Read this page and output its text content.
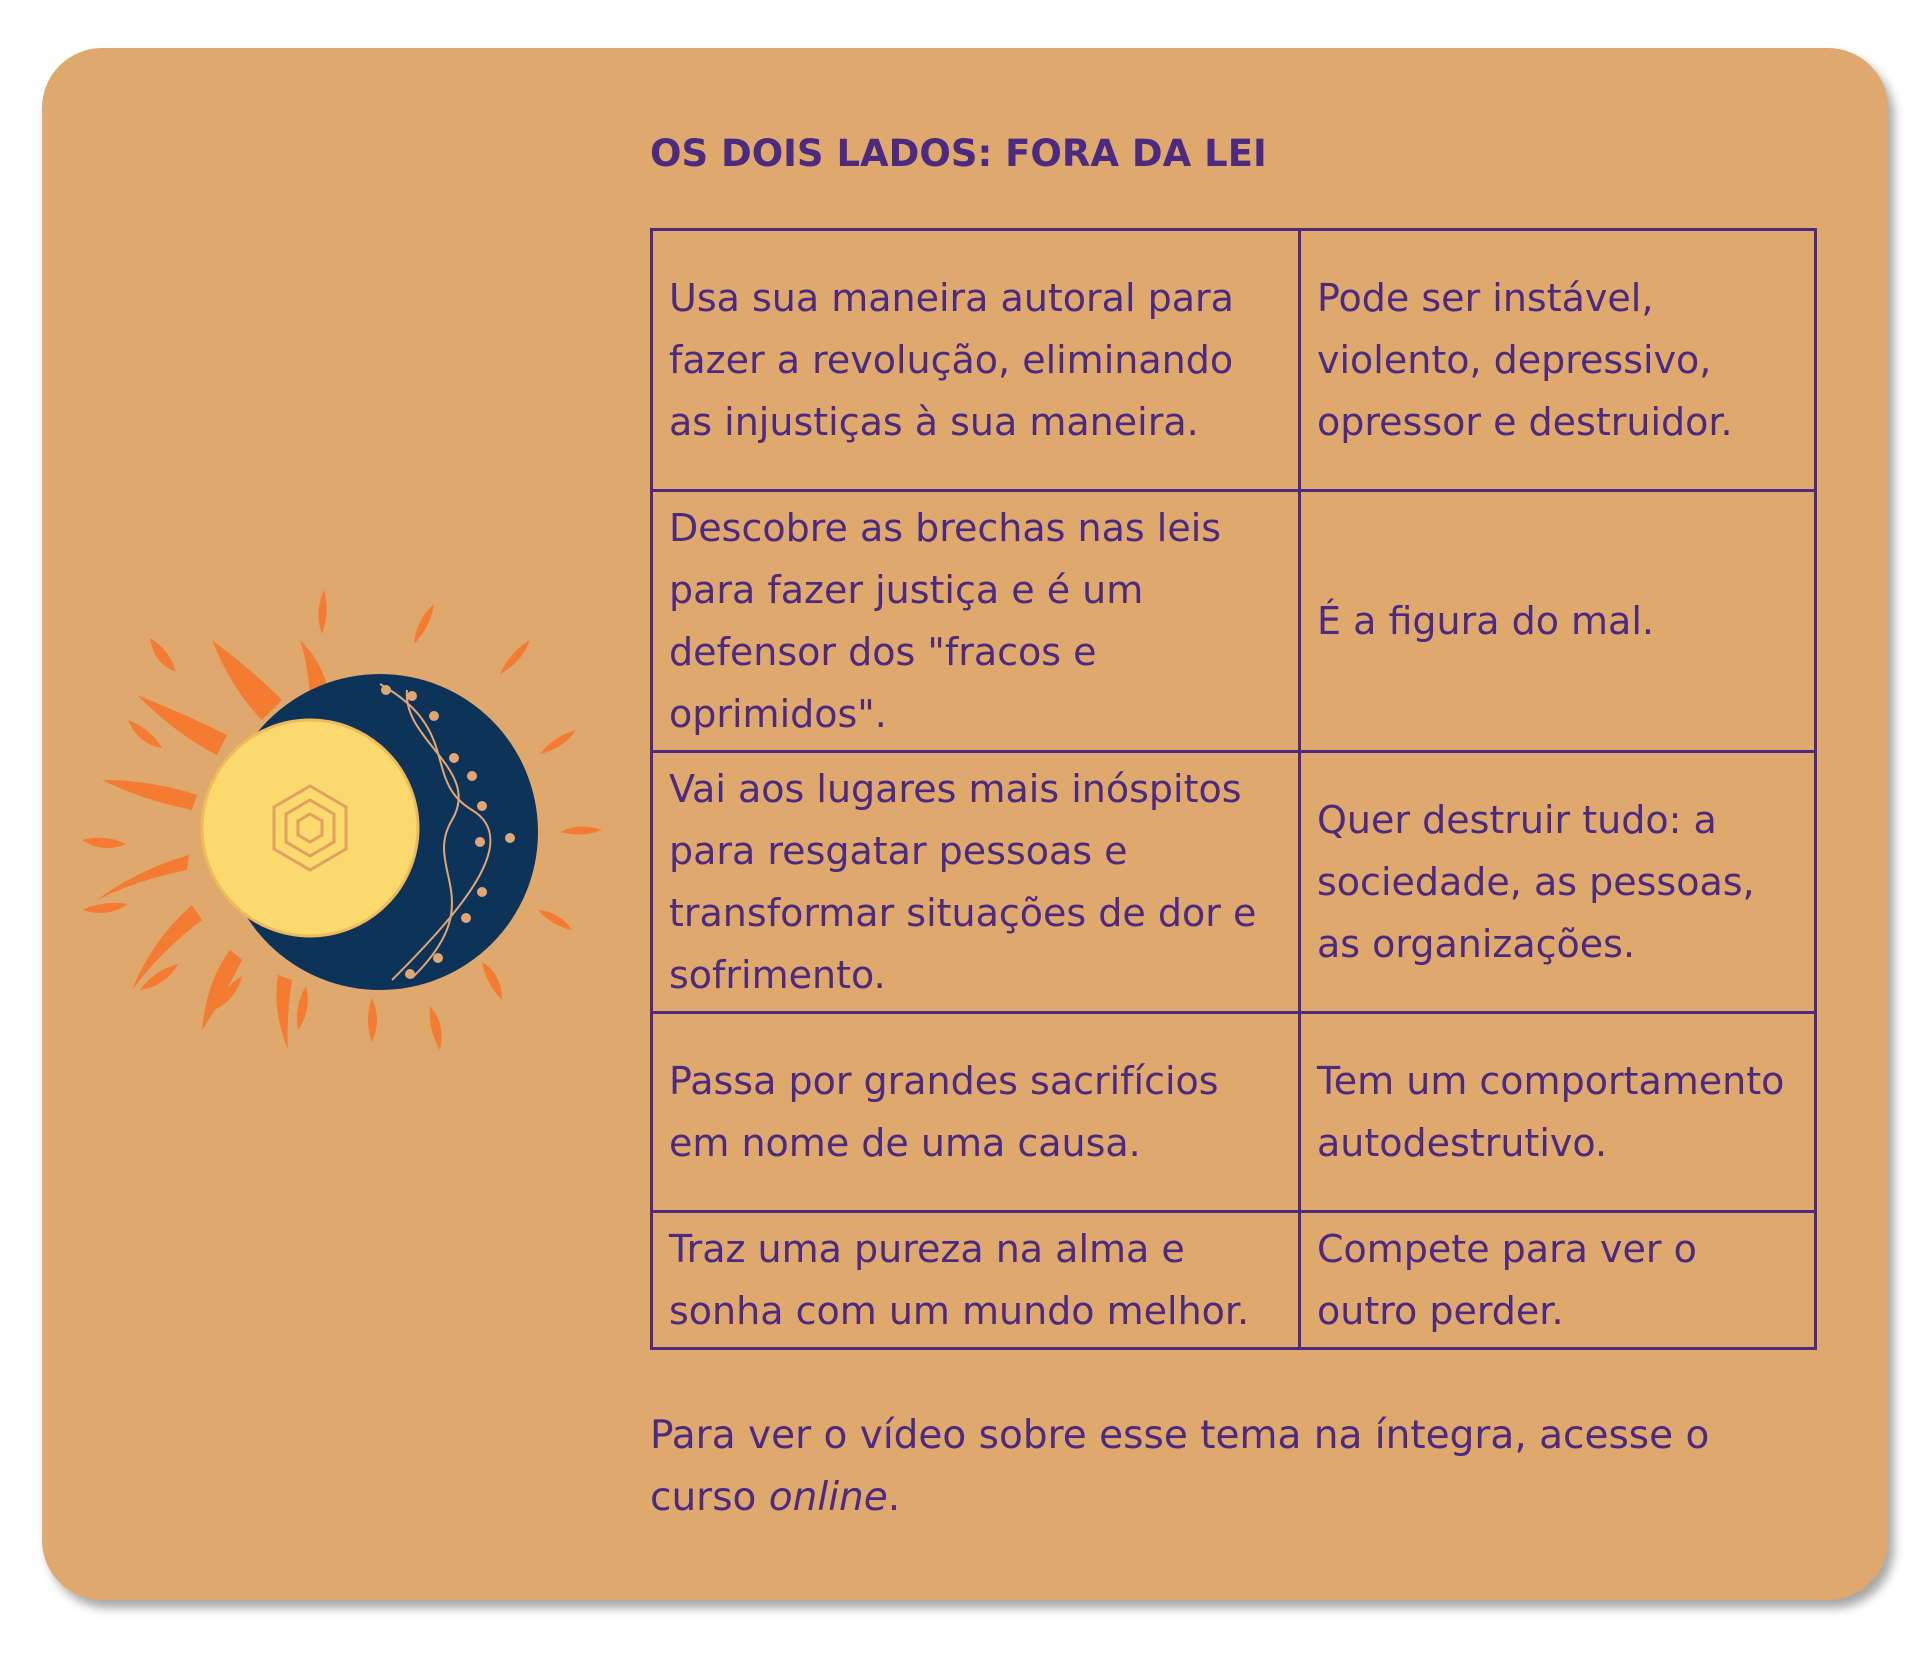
OS DOIS LADOS: FORA DA LEI
Usa sua maneira autoral para fazer a revolução, eliminando as injustiças à sua maneira.	Pode ser instável, violento, depressivo, opressor e destruidor.

Descobre as brechas nas leis para fazer justiça e é um defensor dos "fracos e oprimidos".	É a figura do mal.

Vai aos lugares mais inóspitos para resgatar pessoas e transformar situações de dor e sofrimento.	Quer destruir tudo: a sociedade, as pessoas, as organizações.

Passa por grandes sacrifícios em nome de uma causa.	Tem um comportamento autodestrutivo.

Traz uma pureza na alma e sonha com um mundo melhor.	Compete para ver o outro perder.

Para ver o vídeo sobre esse tema na íntegra, acesse o curso online.
